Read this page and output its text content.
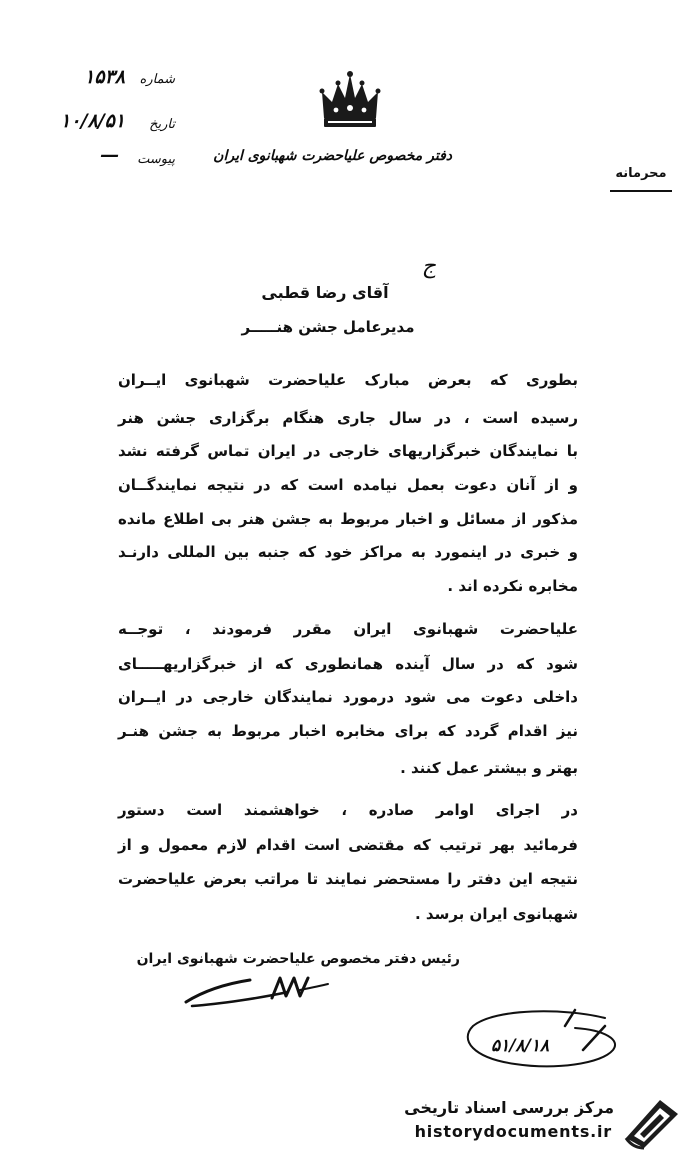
۱۵۳۸	شماره
۱۰/۸/۵۱	تاریخ
—	پیوست	دفتر مخصوص علیاحضرت شهبانوی ایران
محرمانه
ج
آقای رضا قطبی
مدیرعامل جشن هنـــــر
بطوری که بعرض مبارک علیاحضرت شهبانوی ایــران
رسیده است ، در سال جاری هنگام برگزاری جشن هنر
با نمایندگان خبرگزاریهای خارجی در ایران تماس گرفته نشد
و از آنان دعوت بعمل نیامده است که در نتیجه نمایندگــان
مذکور از مسائل و اخبار مربوط به جشن هنر بی اطلاع مانده
و خبری در اینمورد به مراکز خود که جنبه بین المللی دارنـد
مخابره نکرده اند .
علیاحضرت شهبانوی ایران مقرر فرمودند ، توجــه
شود که در سال آینده همانطوری که از خبرگزاریهـــــای
داخلی دعوت می شود درمورد نمایندگان خارجی در ایــران
نیز اقدام گردد که برای مخابره اخبار مربوط به جشن هنـر
بهتر و بیشتر عمل کنند .
در اجرای اوامر صادره ، خواهشمند است دستور
فرمائید بهر ترتیب که مقتضی است اقدام لازم معمول و از
نتیجه این دفتر را مستحضر نمایند تا مراتب بعرض علیاحضرت
شهبانوی ایران برسد .
رئیس دفتر مخصوص علیاحضرت شهبانوی ایران
۵۱/۸/۱۸
مرکز بررسی اسناد تاریخی
historydocuments.ir
